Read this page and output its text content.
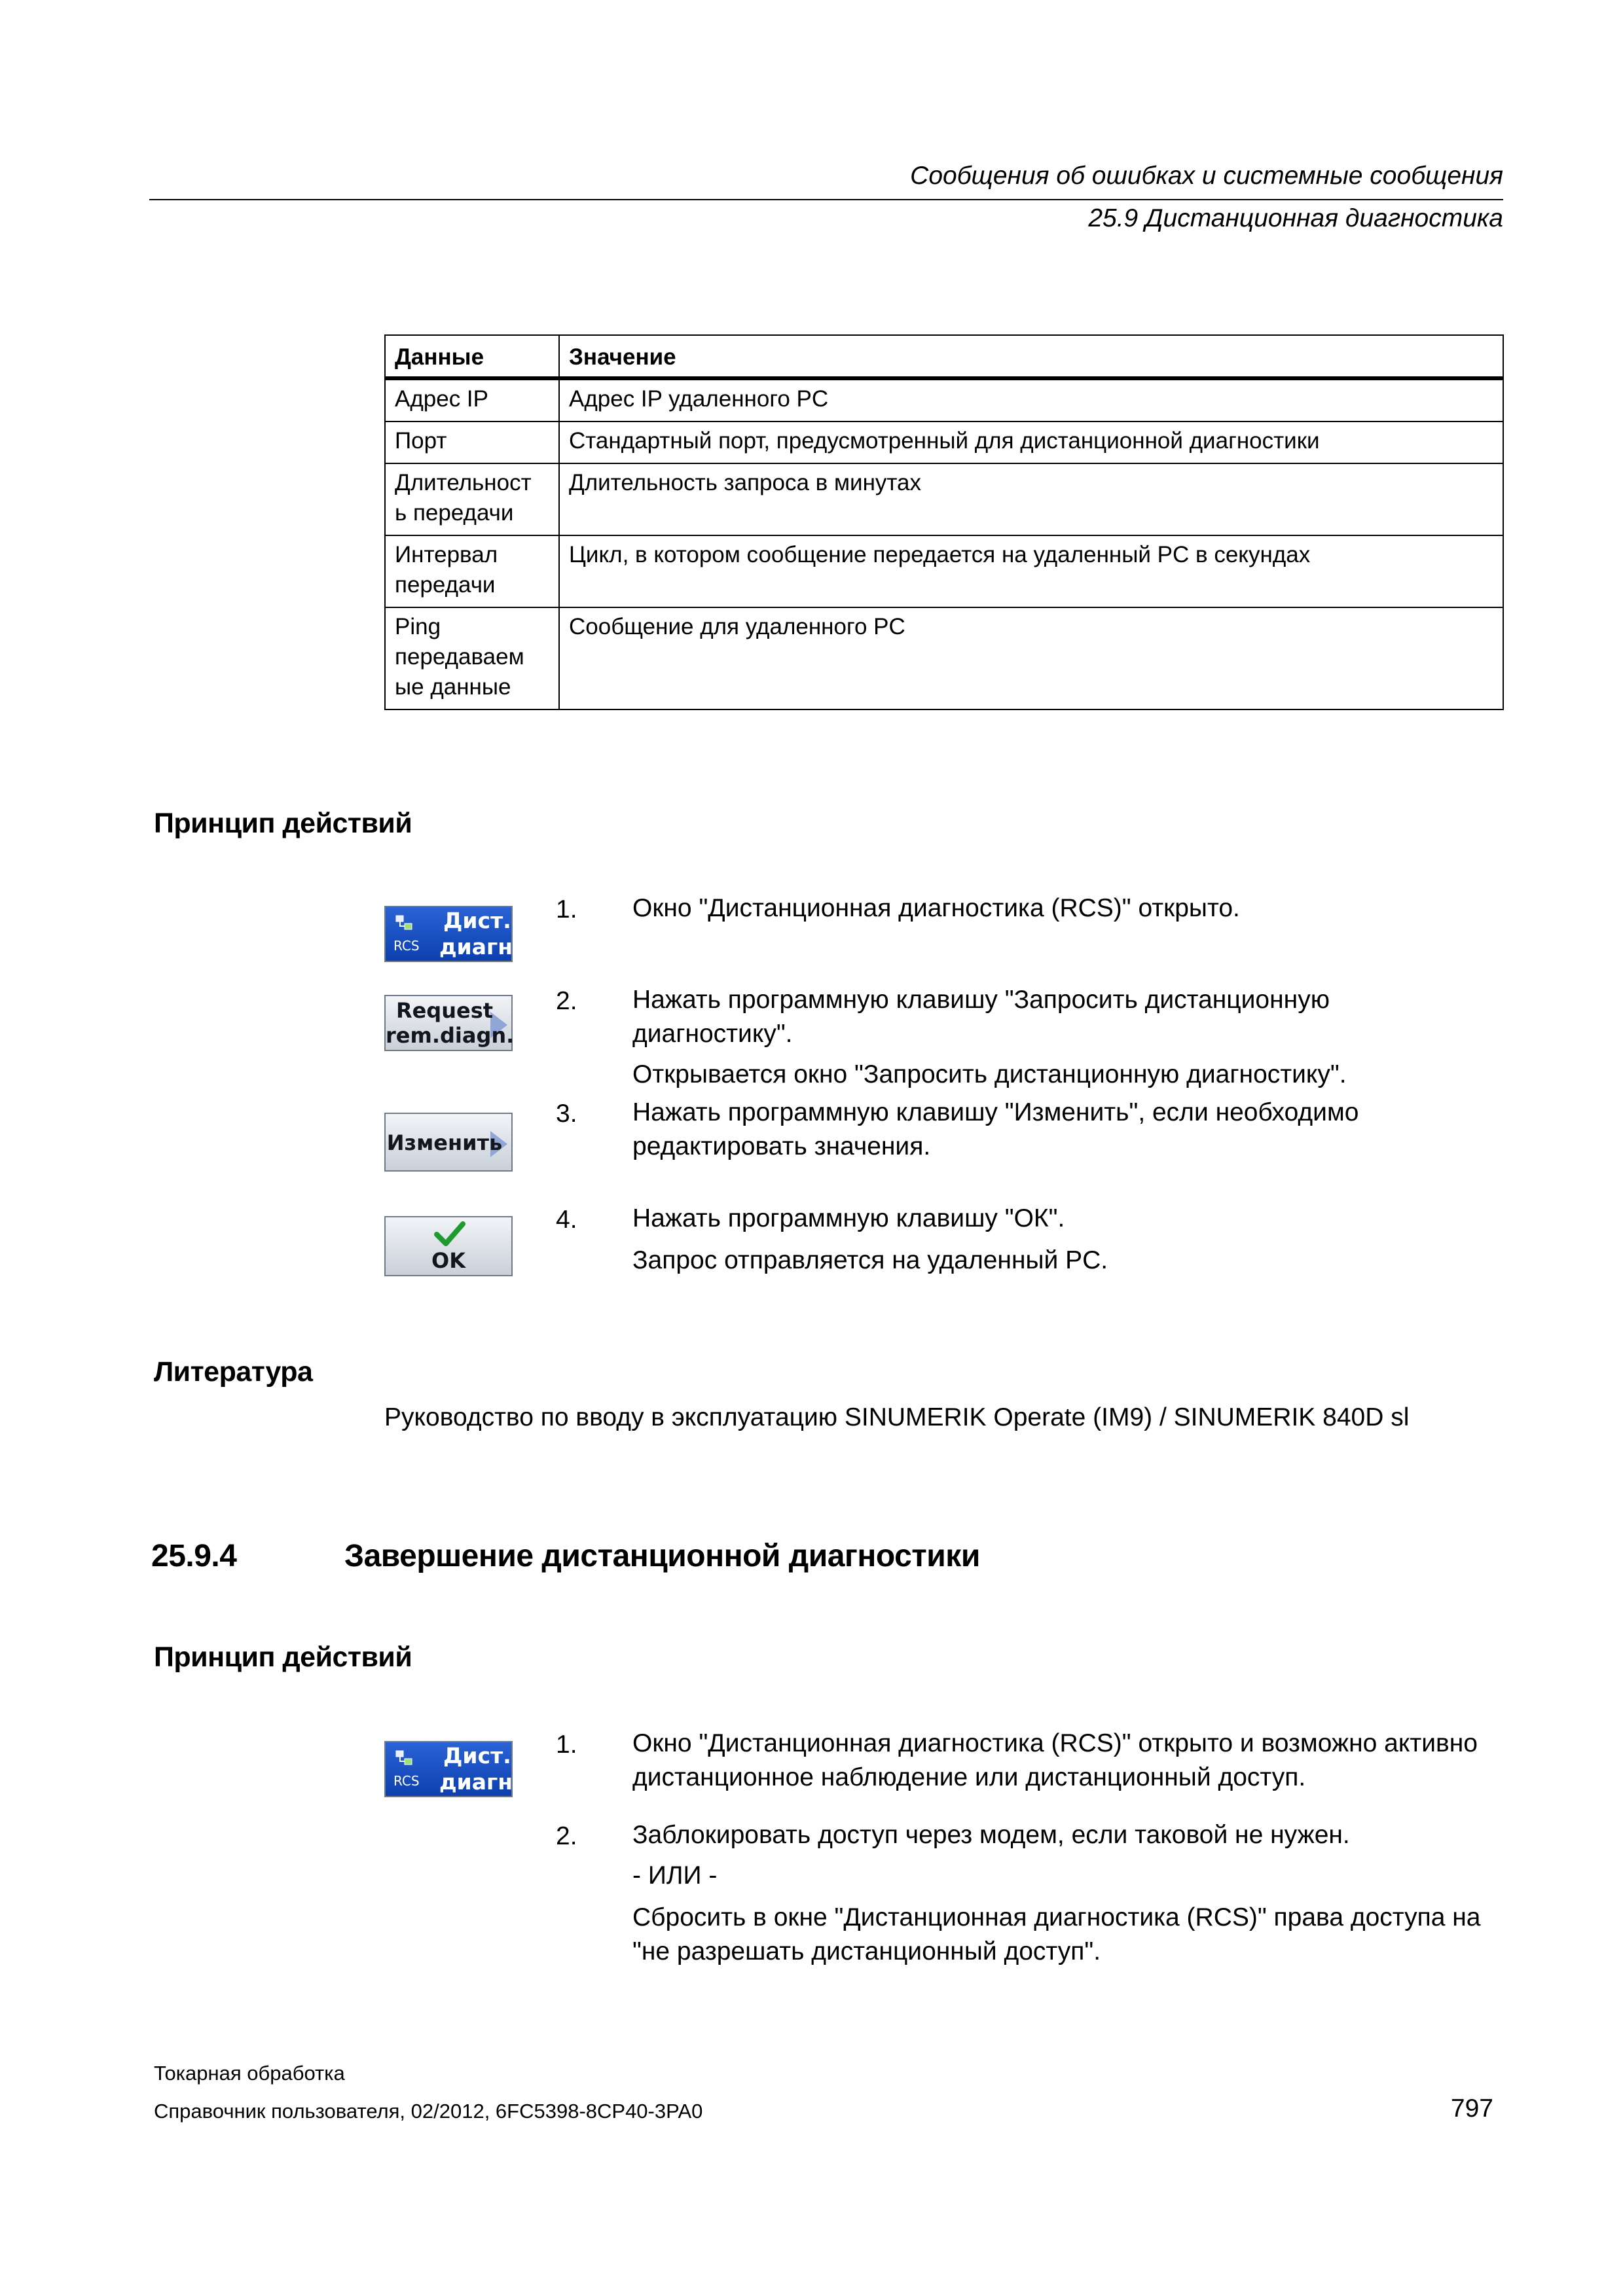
Сообщения об ошибках и системные сообщения
25.9 Дистанционная диагностика
Данные	Значение
Адрес IP	Адрес IP удаленного PC
Порт	Стандартный порт, предусмотренный для дистанционной диагностики
Длительност
ь передачи	Длительность запроса в минутах
Интервал
передачи	Цикл, в котором сообщение передается на удаленный PC в секундах
Ping
передаваем
ые данные	Сообщение для удаленного PC
Принцип действий
RCS
Дист.
диагн.
Request
rem.diagn.
Изменить
OK
1. Окно "Дистанционная диагностика (RCS)" открыто.
2. Нажать программную клавишу "Запросить дистанционную диагностику".
Открывается окно "Запросить дистанционную диагностику".
3. Нажать программную клавишу "Изменить", если необходимо редактировать значения.
4. Нажать программную клавишу "ОК".
Запрос отправляется на удаленный PC.
Литература
Руководство по вводу в эксплуатацию SINUMERIK Operate (IM9) / SINUMERIK 840D sl
25.9.4	Завершение дистанционной диагностики
Принцип действий
RCS
Дист.
диагн.
1. Окно "Дистанционная диагностика (RCS)" открыто и возможно активно дистанционное наблюдение или дистанционный доступ.
2. Заблокировать доступ через модем, если таковой не нужен.
- ИЛИ -
Сбросить в окне "Дистанционная диагностика (RCS)" права доступа на "не разрешать дистанционный доступ".
Токарная обработка
Справочник пользователя, 02/2012, 6FC5398-8CP40-3PA0	797
